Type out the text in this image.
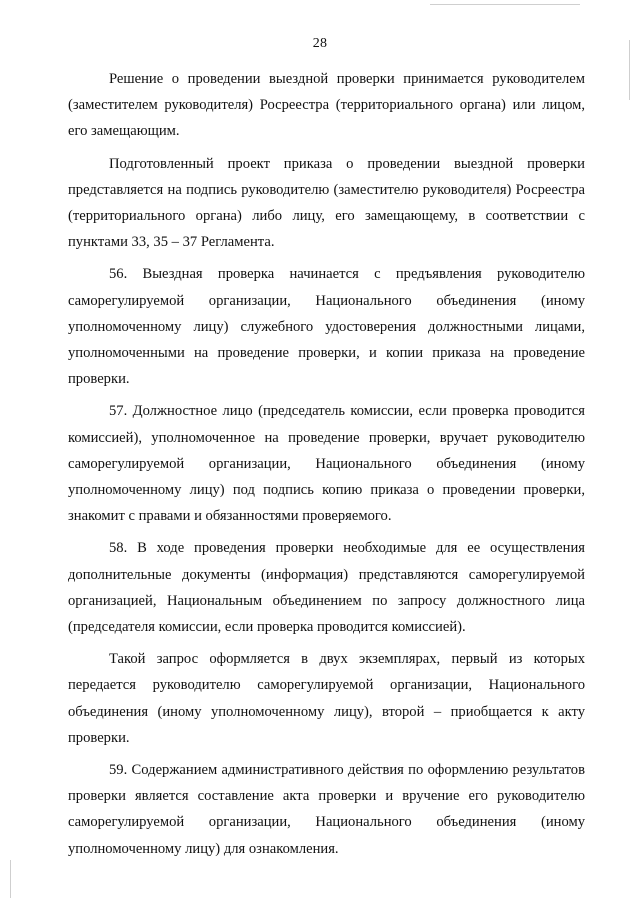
28

Решение о проведении выездной проверки принимается руководителем (заместителем руководителя) Росреестра (территориального органа) или лицом, его замещающим.

Подготовленный проект приказа о проведении выездной проверки представляется на подпись руководителю (заместителю руководителя) Росреестра (территориального органа) либо лицу, его замещающему, в соответствии с пунктами 33, 35 – 37 Регламента.

56. Выездная проверка начинается с предъявления руководителю саморегулируемой организации, Национального объединения (иному уполномоченному лицу) служебного удостоверения должностными лицами, уполномоченными на проведение проверки, и копии приказа на проведение проверки.

57. Должностное лицо (председатель комиссии, если проверка проводится комиссией), уполномоченное на проведение проверки, вручает руководителю саморегулируемой организации, Национального объединения (иному уполномоченному лицу) под подпись копию приказа о проведении проверки, знакомит с правами и обязанностями проверяемого.

58. В ходе проведения проверки необходимые для ее осуществления дополнительные документы (информация) представляются саморегулируемой организацией, Национальным объединением по запросу должностного лица (председателя комиссии, если проверка проводится комиссией).

Такой запрос оформляется в двух экземплярах, первый из которых передается руководителю саморегулируемой организации, Национального объединения (иному уполномоченному лицу), второй – приобщается к акту проверки.

59. Содержанием административного действия по оформлению результатов проверки является составление акта проверки и вручение его руководителю саморегулируемой организации, Национального объединения (иному уполномоченному лицу) для ознакомления.
